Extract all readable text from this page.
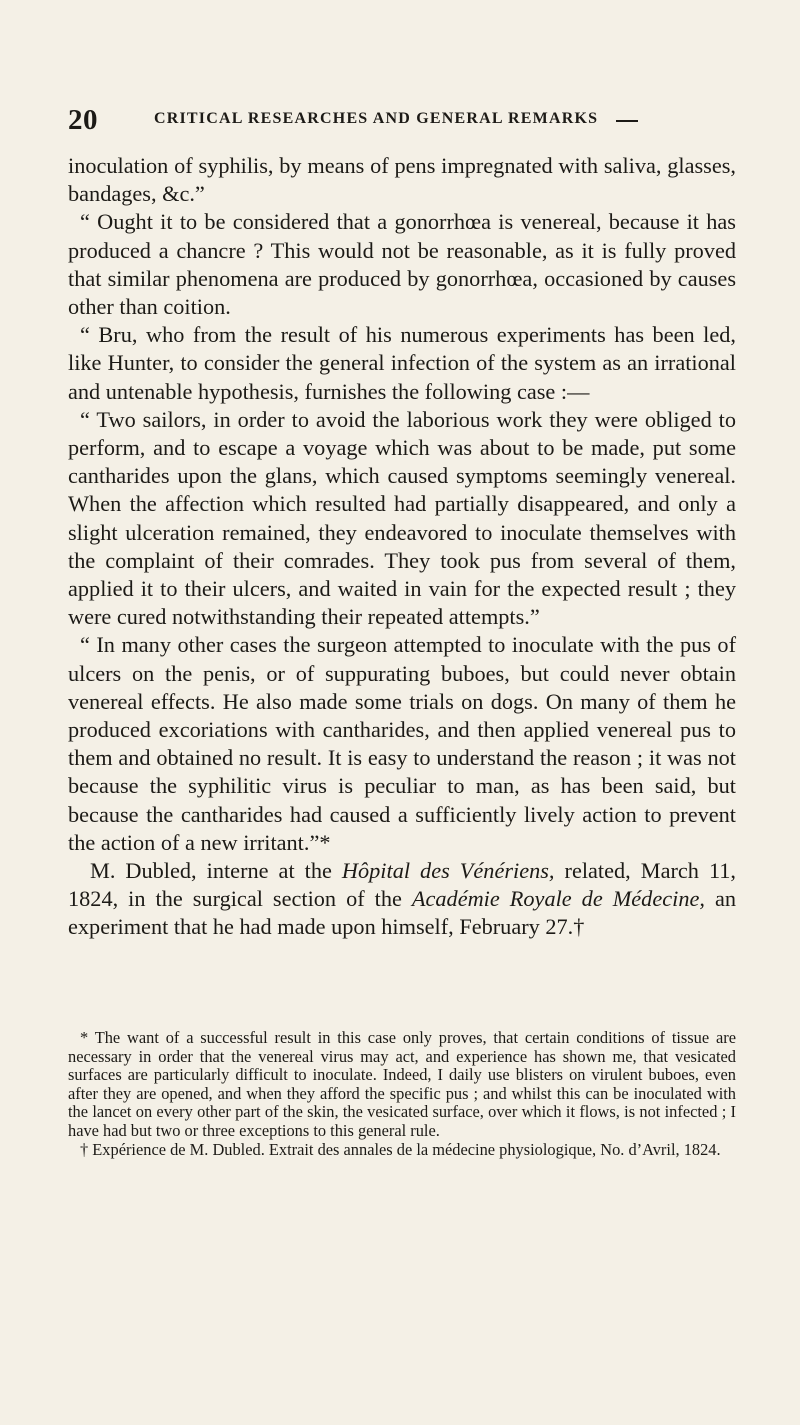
20	CRITICAL RESEARCHES AND GENERAL REMARKS

inoculation of syphilis, by means of pens impregnated with saliva, glasses, bandages, &c.”

“ Ought it to be considered that a gonorrhœa is venereal, because it has produced a chancre ? This would not be reasonable, as it is fully proved that similar phenomena are produced by gonorrhœa, occasioned by causes other than coition.

“ Bru, who from the result of his numerous experiments has been led, like Hunter, to consider the general infection of the system as an irrational and untenable hypothesis, furnishes the following case :—

“ Two sailors, in order to avoid the laborious work they were obliged to perform, and to escape a voyage which was about to be made, put some cantharides upon the glans, which caused symptoms seemingly venereal. When the affection which resulted had partially disappeared, and only a slight ulceration remained, they endeavored to inoculate themselves with the complaint of their comrades. They took pus from several of them, applied it to their ulcers, and waited in vain for the expected result ; they were cured notwithstanding their repeated attempts.”

“ In many other cases the surgeon attempted to inoculate with the pus of ulcers on the penis, or of suppurating buboes, but could never obtain venereal effects. He also made some trials on dogs. On many of them he produced excoriations with cantharides, and then applied venereal pus to them and obtained no result. It is easy to understand the reason ; it was not because the syphilitic virus is peculiar to man, as has been said, but because the cantharides had caused a sufficiently lively action to prevent the action of a new irritant.”*

M. Dubled, interne at the Hôpital des Vénériens, related, March 11, 1824, in the surgical section of the Académie Royale de Médecine, an experiment that he had made upon himself, February 27.†

* The want of a successful result in this case only proves, that certain conditions of tissue are necessary in order that the venereal virus may act, and experience has shown me, that vesicated surfaces are particularly difficult to inoculate. Indeed, I daily use blisters on virulent buboes, even after they are opened, and when they afford the specific pus ; and whilst this can be inoculated with the lancet on every other part of the skin, the vesicated surface, over which it flows, is not infected ; I have had but two or three exceptions to this general rule.

† Expérience de M. Dubled. Extrait des annales de la médecine physiologique, No. d’Avril, 1824.
